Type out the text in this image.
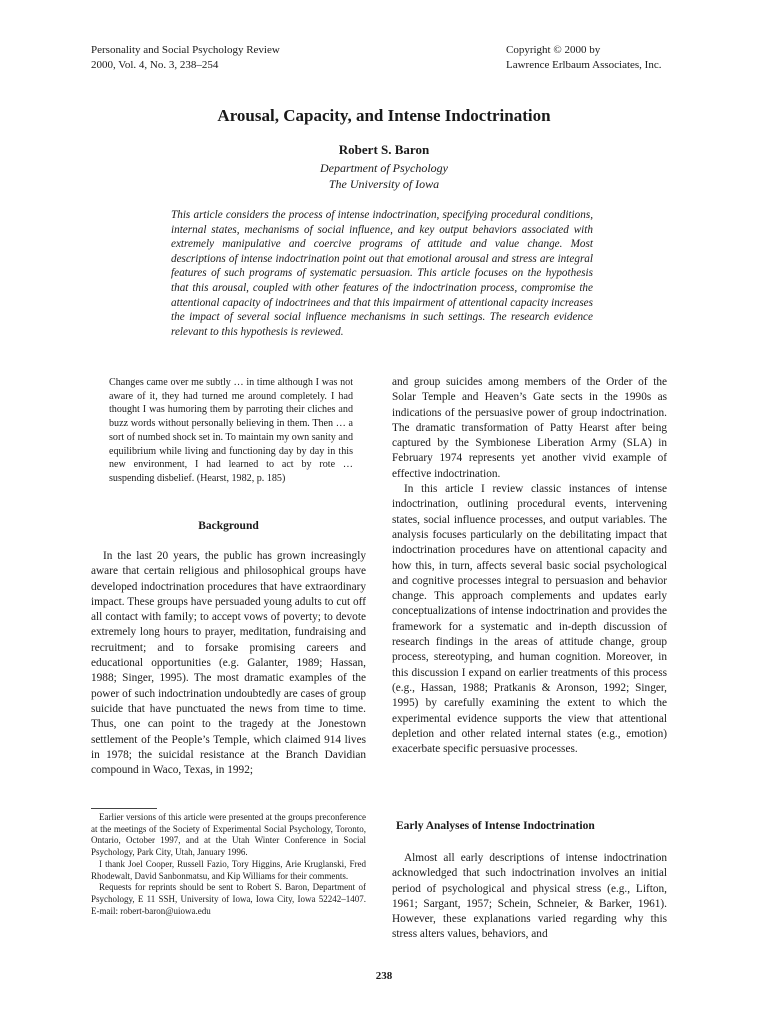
Personality and Social Psychology Review
2000, Vol. 4, No. 3, 238–254
Copyright © 2000 by
Lawrence Erlbaum Associates, Inc.
Arousal, Capacity, and Intense Indoctrination
Robert S. Baron
Department of Psychology
The University of Iowa
This article considers the process of intense indoctrination, specifying procedural conditions, internal states, mechanisms of social influence, and key output behaviors associated with extremely manipulative and coercive programs of attitude and value change. Most descriptions of intense indoctrination point out that emotional arousal and stress are integral features of such programs of systematic persuasion. This article focuses on the hypothesis that this arousal, coupled with other features of the indoctrination process, compromise the attentional capacity of indoctrinees and that this impairment of attentional capacity increases the impact of several social influence mechanisms in such settings. The research evidence relevant to this hypothesis is reviewed.
Changes came over me subtly … in time although I was not aware of it, they had turned me around completely. I had thought I was humoring them by parroting their cliches and buzz words without personally believing in them. Then … a sort of numbed shock set in. To maintain my own sanity and equilibrium while living and functioning day by day in this new environment, I had learned to act by rote … suspending disbelief. (Hearst, 1982, p. 185)
Background

In the last 20 years, the public has grown increasingly aware that certain religious and philosophical groups have developed indoctrination procedures that have extraordinary impact. These groups have persuaded young adults to cut off all contact with family; to accept vows of poverty; to devote extremely long hours to prayer, meditation, fundraising and recruitment; and to forsake promising careers and educational opportunities (e.g. Galanter, 1989; Hassan, 1988; Singer, 1995). The most dramatic examples of the power of such indoctrination undoubtedly are cases of group suicide that have punctuated the news from time to time. Thus, one can point to the tragedy at the Jonestown settlement of the People’s Temple, which claimed 914 lives in 1978; the suicidal resistance at the Branch Davidian compound in Waco, Texas, in 1992;

Earlier versions of this article were presented at the groups preconference at the meetings of the Society of Experimental Social Psychology, Toronto, Ontario, October 1997, and at the Utah Winter Conference in Social Psychology, Park City, Utah, January 1996.

I thank Joel Cooper, Russell Fazio, Tory Higgins, Arie Kruglanski, Fred Rhodewalt, David Sanbonmatsu, and Kip Williams for their comments.

Requests for reprints should be sent to Robert S. Baron, Department of Psychology, E 11 SSH, University of Iowa, Iowa City, Iowa 52242–1407. E-mail: robert-baron@uiowa.edu

and group suicides among members of the Order of the Solar Temple and Heaven’s Gate sects in the 1990s as indications of the persuasive power of group indoctrination. The dramatic transformation of Patty Hearst after being captured by the Symbionese Liberation Army (SLA) in February 1974 represents yet another vivid example of effective indoctrination.

In this article I review classic instances of intense indoctrination, outlining procedural events, intervening states, social influence processes, and output variables. The analysis focuses particularly on the debilitating impact that indoctrination procedures have on attentional capacity and how this, in turn, affects several basic social psychological and cognitive processes integral to persuasion and behavior change. This approach complements and updates early conceptualizations of intense indoctrination and provides the framework for a systematic and in-depth discussion of research findings in the areas of attitude change, group process, stereotyping, and human cognition. Moreover, in this discussion I expand on earlier treatments of this process (e.g., Hassan, 1988; Pratkanis & Aronson, 1992; Singer, 1995) by carefully examining the extent to which the experimental evidence supports the view that attentional depletion and other related internal states (e.g., emotion) exacerbate specific persuasive processes.

Early Analyses of Intense Indoctrination

Almost all early descriptions of intense indoctrination acknowledged that such indoctrination involves an initial period of psychological and physical stress (e.g., Lifton, 1961; Sargant, 1957; Schein, Schneier, & Barker, 1961). However, these explanations varied regarding why this stress alters values, behaviors, and

238
